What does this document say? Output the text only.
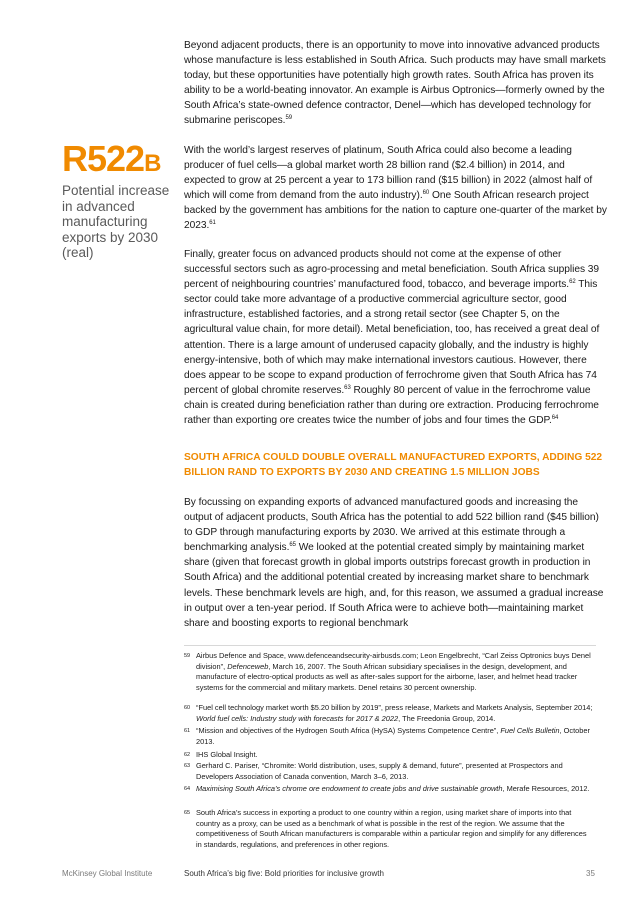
R522B
Potential increase in advanced manufacturing exports by 2030 (real)

Beyond adjacent products, there is an opportunity to move into innovative advanced products whose manufacture is less established in South Africa. Such products may have small markets today, but these opportunities have potentially high growth rates. South Africa has proven its ability to be a world-beating innovator. An example is Airbus Optronics—formerly owned by the South Africa’s state-owned defence contractor, Denel—which has developed technology for submarine periscopes.$^{59}$

With the world’s largest reserves of platinum, South Africa could also become a leading producer of fuel cells—a global market worth 28 billion rand ($2.4 billion) in 2014, and expected to grow at 25 percent a year to 173 billion rand ($15 billion) in 2022 (almost half of which will come from demand from the auto industry).$^{60}$ One South African research project backed by the government has ambitions for the nation to capture one-quarter of the market by 2023.61

Finally, greater focus on advanced products should not come at the expense of other successful sectors such as agro-processing and metal beneficiation. South Africa supplies 39 percent of neighbouring countries’ manufactured food, tobacco, and beverage imports.$^{62}$ This sector could take more advantage of a productive commercial agriculture sector, good infrastructure, established factories, and a strong retail sector (see Chapter 5, on the agricultural value chain, for more detail). Metal beneficiation, too, has received a great deal of attention. There is a large amount of underused capacity globally, and the industry is highly energy-intensive, both of which may make international investors cautious. However, there does appear to be scope to expand production of ferrochrome given that South Africa has 74 percent of global chromite reserves.$^{63}$ Roughly 80 percent of value in the ferrochrome value chain is created during beneficiation rather than during ore extraction. Producing ferrochrome rather than exporting ore creates twice the number of jobs and four times the GDP.$^{64}$

SOUTH AFRICA COULD DOUBLE OVERALL MANUFACTURED EXPORTS, ADDING 522 BILLION RAND TO EXPORTS BY 2030 AND CREATING 1.5 MILLION JOBS

By focussing on expanding exports of advanced manufactured goods and increasing the output of adjacent products, South Africa has the potential to add 522 billion rand ($45 billion) to GDP through manufacturing exports by 2030. We arrived at this estimate through a benchmarking analysis.$^{65}$ We looked at the potential created simply by maintaining market share (given that forecast growth in global imports outstrips forecast growth in production in South Africa) and the additional potential created by increasing market share to benchmark levels. These benchmark levels are high, and, for this reason, we assumed a gradual increase in output over a ten-year period. If South Africa were to achieve both—maintaining market share and boosting exports to regional benchmark

59 Airbus Defence and Space, www.defenceandsecurity-airbusds.com; Leon Engelbrecht, “Carl Zeiss Optronics buys Denel division”, Defenceweb, March 16, 2007. The South African subsidiary specialises in the design, development, and manufacture of electro-optical products as well as after-sales support for the airborne, laser, and helmet head tracker systems for the commercial and military markets. Denel retains 30 percent ownership.

60 “Fuel cell technology market worth $5.20 billion by 2019”, press release, Markets and Markets Analysis, September 2014; World fuel cells: Industry study with forecasts for 2017 & 2022, The Freedonia Group, 2014.

61 “Mission and objectives of the Hydrogen South Africa (HySA) Systems Competence Centre”, Fuel Cells Bulletin, October 2013.

62 IHS Global Insight.

63 Gerhard C. Pariser, “Chromite: World distribution, uses, supply & demand, future”, presented at Prospectors and Developers Association of Canada convention, March 3–6, 2013.

64 Maximising South Africa’s chrome ore endowment to create jobs and drive sustainable growth, Merafe Resources, 2012.

65 South Africa’s success in exporting a product to one country within a region, using market share of imports into that country as a proxy, can be used as a benchmark of what is possible in the rest of the region. We assume that the competitiveness of South African manufacturers is comparable within a particular region and simplify for any differences in standards, regulations, and preferences in other regions.

McKinsey Global Institute	South Africa’s big five: Bold priorities for inclusive growth	35
